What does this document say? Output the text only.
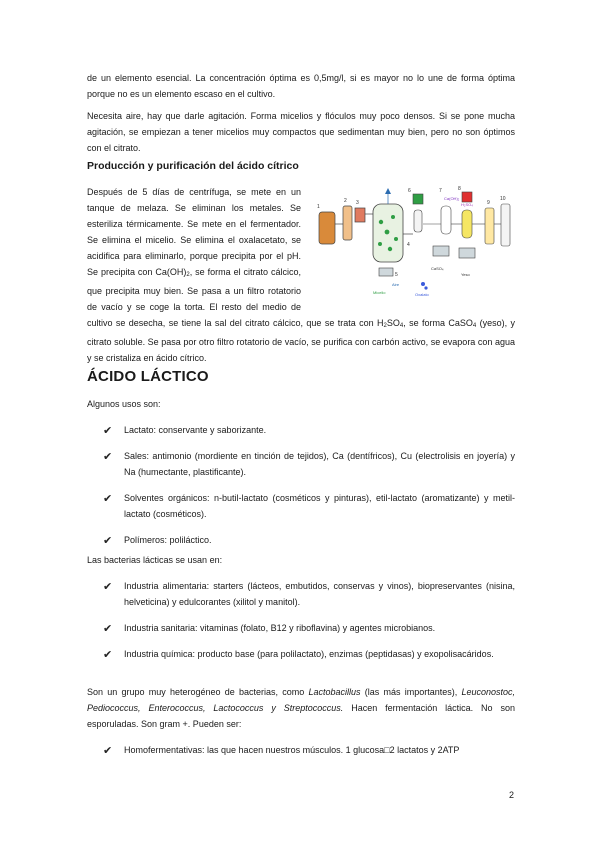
de un elemento esencial. La concentración óptima es 0,5mg/l, si es mayor no lo une de forma óptima porque no es un elemento escaso en el cultivo.

Necesita aire, hay que darle agitación. Forma micelios y flóculos muy poco densos. Si se pone mucha agitación, se empiezan a tener micelios muy compactos que sedimentan muy bien, pero no son óptimos con el citrato.

Producción y purificación del ácido cítrico
1
2 3
4
5
Micelio	Oxalato
6	7
Ca(OH)₂
CaSO₄
8
H₂SO₄	9
10
Yeso
Aire
Después de 5 días de centrífuga, se mete en un tanque de melaza. Se eliminan los metales. Se esteriliza térmicamente. Se mete en el fermentador. Se elimina el micelio. Se elimina el oxalacetato, se acidifica para eliminarlo, porque precipita por el pH. Se precipita con $Ca(OH)_2$, se forma el citrato cálcico, que precipita muy bien. Se pasa a un filtro rotatorio de vacío y se coge la torta. El resto del medio de cultivo se desecha, se tiene la sal del citrato cálcico, que se trata con $H_2SO_4$, se forma CaSO$_4$ (yeso), y citrato soluble. Se pasa por otro filtro rotatorio de vacío, se purifica con carbón activo, se evapora con agua y se cristaliza en ácido cítrico.
ÁCIDO LÁCTICO

Algunos usos son:

✔ Lactato: conservante y saborizante.
✔ Sales: antimonio (mordiente en tinción de tejidos), Ca (dentífricos), Cu (electrolisis en joyería) y Na (humectante, plastificante).
✔ Solventes orgánicos: n-butil-lactato (cosméticos y pinturas), etil-lactato (aromatizante) y metil-lactato (cosméticos).
✔ Polímeros: poliláctico.

Las bacterias lácticas se usan en:

✔ Industria alimentaria: starters (lácteos, embutidos, conservas y vinos), biopreservantes (nisina, helveticina) y edulcorantes (xilitol y manitol).
✔ Industria sanitaria: vitaminas (folato, B12 y riboflavina) y agentes microbianos.
✔ Industria química: producto base (para polilactato), enzimas (peptidasas) y exopolisacáridos.

Son un grupo muy heterogéneo de bacterias, como Lactobacillus (las más importantes), Leuconostoc, Pediococcus, Enterococcus, Lactococcus y Streptococcus. Hacen fermentación láctica. No son esporuladas. Son gram +. Pueden ser:

✔ Homofermentativas: las que hacen nuestros músculos. 1 glucosa□2 lactatos y 2ATP
2
